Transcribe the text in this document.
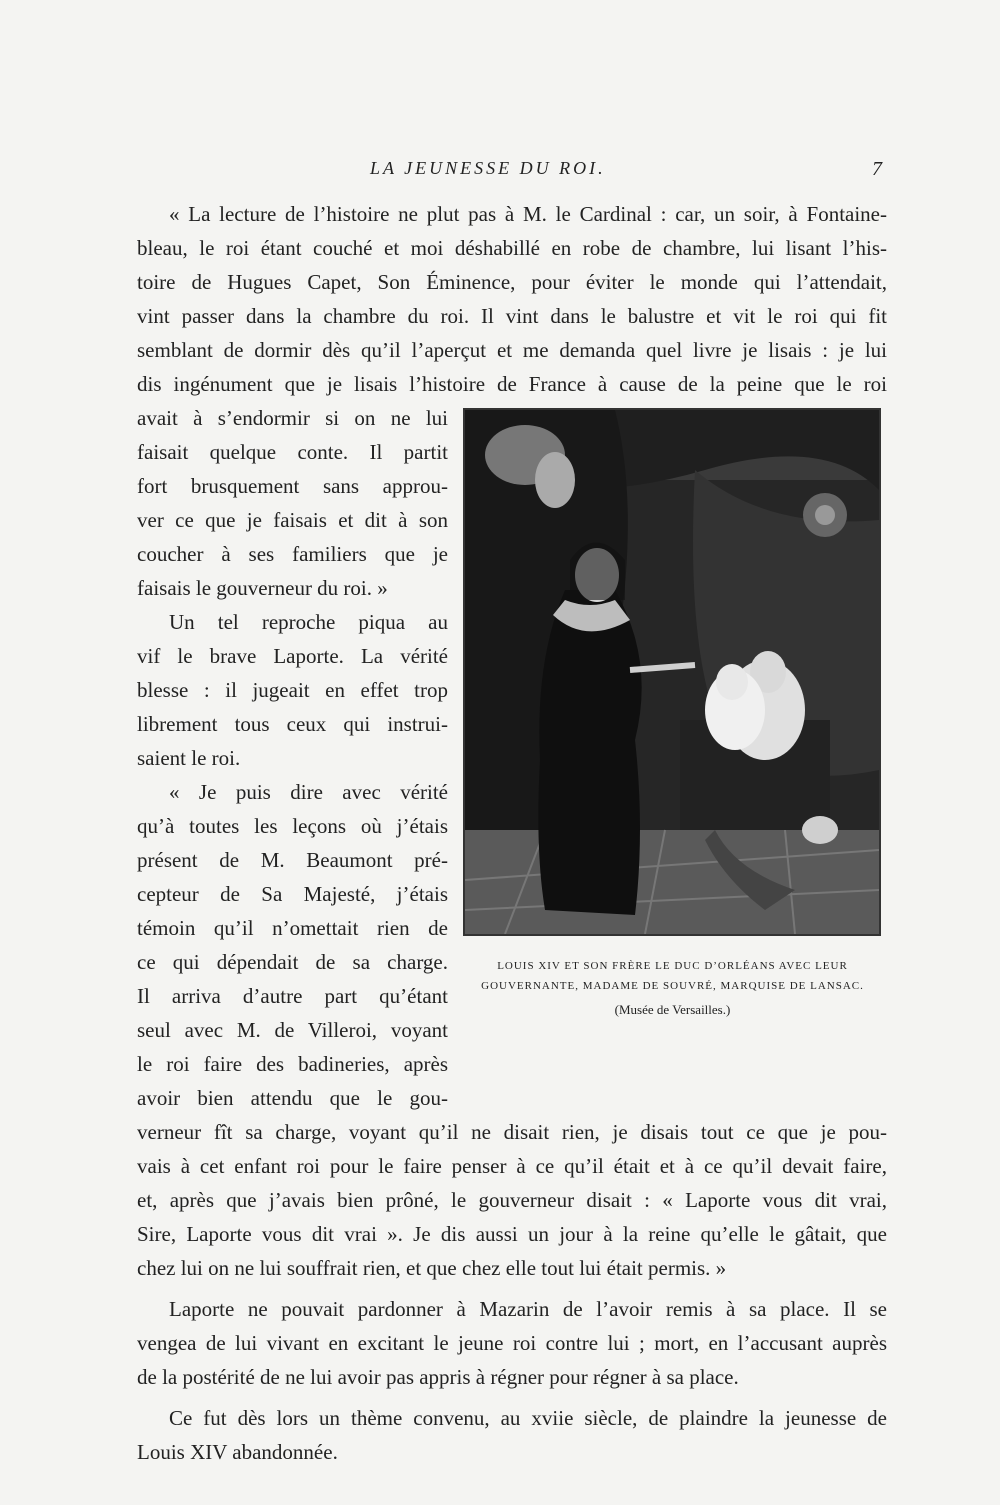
LA JEUNESSE DU ROI.	7
« La lecture de l’histoire ne plut pas à M. le Cardinal : car, un soir, à Fontaine-
bleau, le roi étant couché et moi déshabillé en robe de chambre, lui lisant l’his-
toire de Hugues Capet, Son Éminence, pour éviter le monde qui l’attendait,
vint passer dans la chambre du roi. Il vint dans le balustre et vit le roi qui fit
semblant de dormir dès qu’il l’aperçut et me demanda quel livre je lisais : je lui
dis ingénument que je lisais l’histoire de France à cause de la peine que le roi
avait à s’endormir si on ne lui
faisait quelque conte. Il partit
fort brusquement sans approu-
ver ce que je faisais et dit à son
coucher à ses familiers que je
faisais le gouverneur du roi. »
Un tel reproche piqua au
vif le brave Laporte. La vérité
blesse : il jugeait en effet trop
librement tous ceux qui instrui-
saient le roi.
« Je puis dire avec vérité
qu’à toutes les leçons où j’étais
présent de M. Beaumont pré-
cepteur de Sa Majesté, j’étais
témoin qu’il n’omettait rien de
ce qui dépendait de sa charge.
Il arriva d’autre part qu’étant
seul avec M. de Villeroi, voyant
le roi faire des badineries, après
avoir bien attendu que le gou-
verneur fît sa charge, voyant qu’il ne disait rien, je disais tout ce que je pou-
vais à cet enfant roi pour le faire penser à ce qu’il était et à ce qu’il devait faire,
et, après que j’avais bien prôné, le gouverneur disait : « Laporte vous dit vrai,
Sire, Laporte vous dit vrai ». Je dis aussi un jour à la reine qu’elle le gâtait, que
chez lui on ne lui souffrait rien, et que chez elle tout lui était permis. »
Laporte ne pouvait pardonner à Mazarin de l’avoir remis à sa place. Il se
vengea de lui vivant en excitant le jeune roi contre lui ; mort, en l’accusant auprès
de la postérité de ne lui avoir pas appris à régner pour régner à sa place.
Ce fut dès lors un thème convenu, au xviie siècle, de plaindre la jeunesse de
Louis XIV abandonnée.
LOUIS XIV ET SON FRÈRE LE DUC D’ORLÉANS AVEC LEUR
GOUVERNANTE, MADAME DE SOUVRÉ, MARQUISE DE LANSAC.
(Musée de Versailles.)
